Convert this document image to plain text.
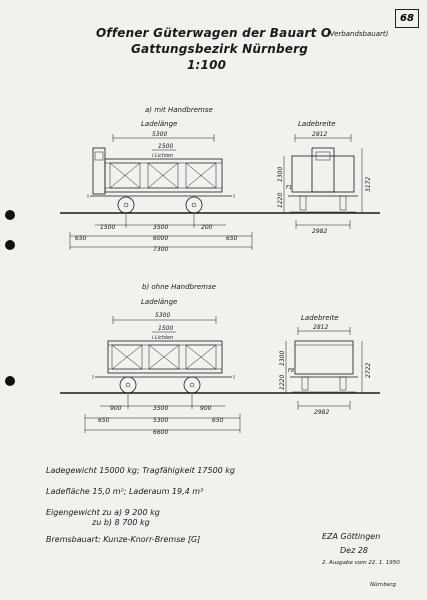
68
Offener Güterwagen der Bauart O
(Verbandsbauart)
Gattungsbezirk Nürnberg
1:100
a) mit Handbremse
Ladelänge	Ladebreite
b) ohne Handbremse
Ladelänge
Ladebreite
5300
1500
i.Lichten
1500	3500	200
650	6000	650
7300
2812
1300
1220
3172
F1
2982
5300
1500
i.Lichten
900	3500	900
650	5300	650
6600
2812
1300
1220
2722
F8
2982
Ladegewicht 15000 kg; Tragfähigkeit 17500 kg
Ladefläche 15,0 m²; Laderaum 19,4 m³
Eigengewicht zu a) 9 200 kg
zu b) 8 700 kg
Bremsbauart: Kunze-Knorr-Bremse [G]	EZA Göttingen
Dez 28
2. Ausgabe vom 22. 1. 1950
Nürnberg
